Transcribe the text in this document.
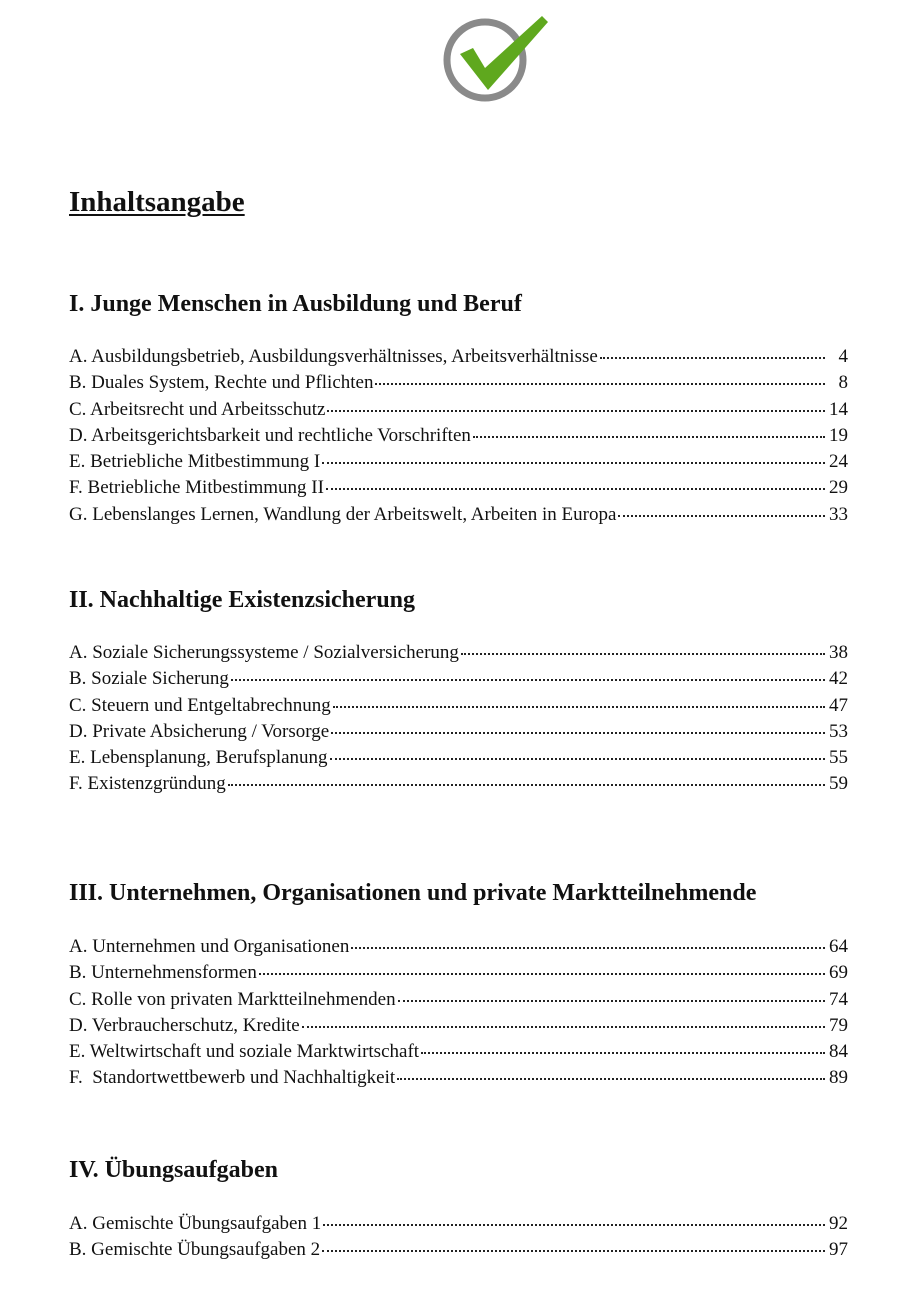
Inhaltsangabe
I. Junge Menschen in Ausbildung und Beruf
A. Ausbildungsbetrieb, Ausbildungsverhältnisses, Arbeitsverhältnisse	4
B. Duales System, Rechte und Pflichten	8
C. Arbeitsrecht und Arbeitsschutz	14
D. Arbeitsgerichtsbarkeit und rechtliche Vorschriften	19
E. Betriebliche Mitbestimmung I	24
F. Betriebliche Mitbestimmung II	29
G. Lebenslanges Lernen, Wandlung der Arbeitswelt, Arbeiten in Europa	33
II. Nachhaltige Existenzsicherung
A. Soziale Sicherungssysteme / Sozialversicherung	38
B. Soziale Sicherung	42
C. Steuern und Entgeltabrechnung	47
D. Private Absicherung / Vorsorge	53
E. Lebensplanung, Berufsplanung	55
F. Existenzgründung	59
III. Unternehmen, Organisationen und private Marktteilnehmende
A. Unternehmen und Organisationen	64
B. Unternehmensformen	69
C. Rolle von privaten Marktteilnehmenden	74
D. Verbraucherschutz, Kredite	79
E. Weltwirtschaft und soziale Marktwirtschaft	84
F.  Standortwettbewerb und Nachhaltigkeit	89
IV. Übungsaufgaben
A. Gemischte Übungsaufgaben 1	92
B. Gemischte Übungsaufgaben 2	97
